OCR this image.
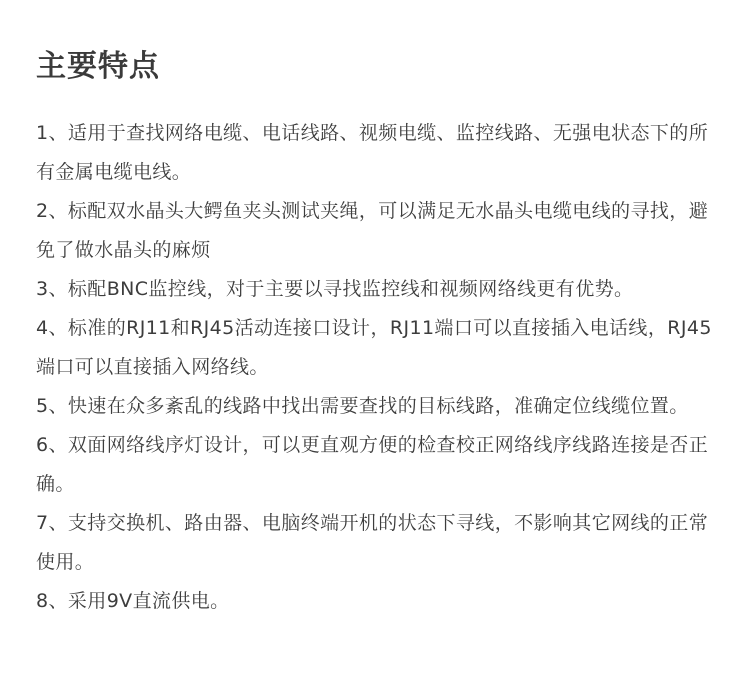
主要特点
1、适用于查找网络电缆、电话线路、视频电缆、监控线路、无强电状态下的所有金属电缆电线。
2、标配双水晶头大鳄鱼夹头测试夹绳，可以满足无水晶头电缆电线的寻找，避免了做水晶头的麻烦
3、标配BNC监控线，对于主要以寻找监控线和视频网络线更有优势。
4、标准的RJ11和RJ45活动连接口设计，RJ11端口可以直接插入电话线，RJ45端口可以直接插入网络线。
5、快速在众多紊乱的线路中找出需要查找的目标线路，准确定位线缆位置。
6、双面网络线序灯设计，可以更直观方便的检查校正网络线序线路连接是否正确。
7、支持交换机、路由器、电脑终端开机的状态下寻线，不影响其它网线的正常使用。
8、采用9V直流供电。
